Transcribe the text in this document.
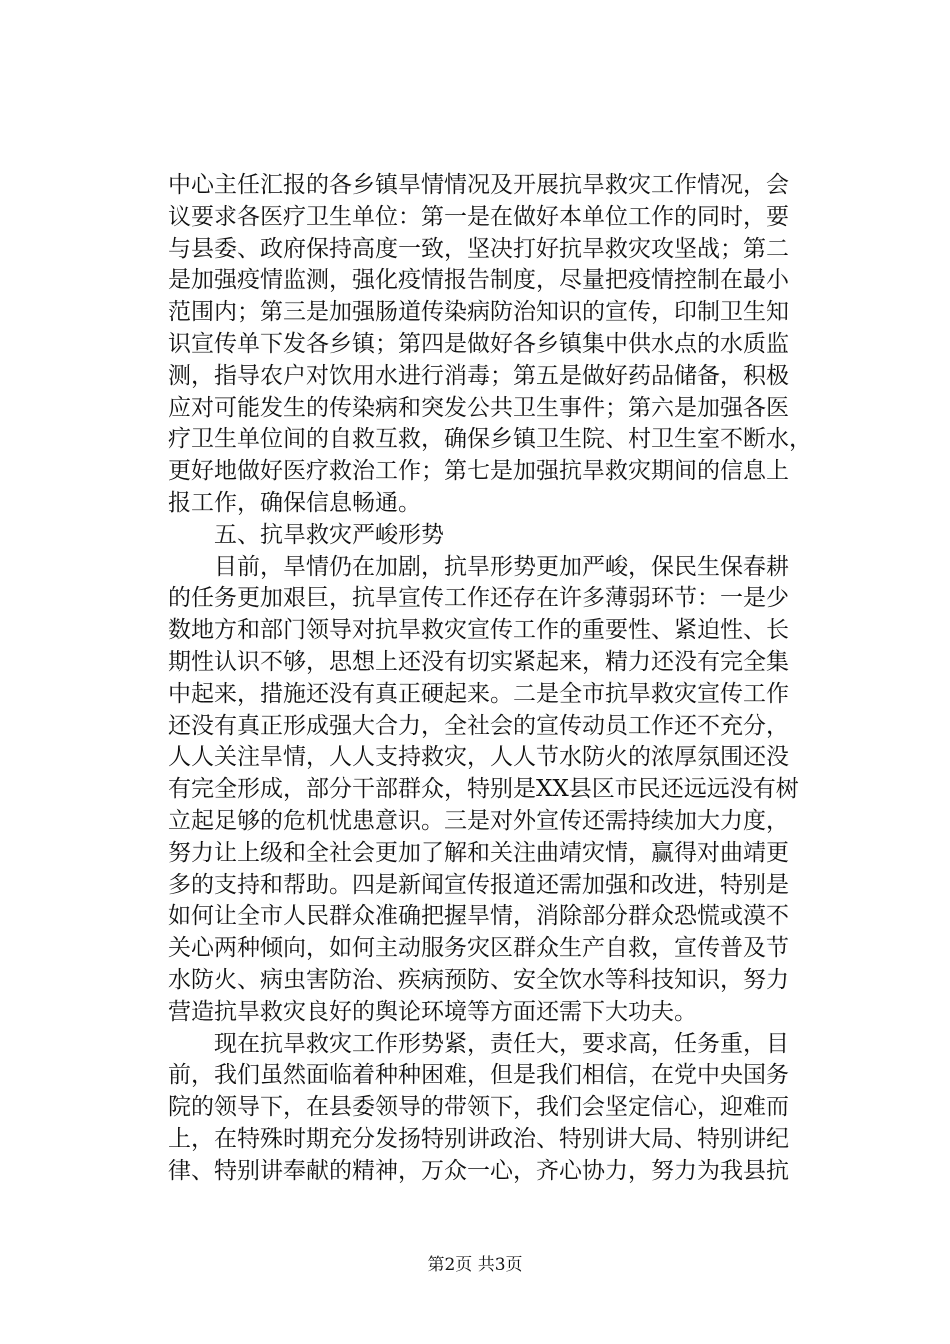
中心主任汇报的各乡镇旱情情况及开展抗旱救灾工作情况，会
议要求各医疗卫生单位：第一是在做好本单位工作的同时，要
与县委、政府保持高度一致，坚决打好抗旱救灾攻坚战；第二
是加强疫情监测，强化疫情报告制度，尽量把疫情控制在最小
范围内；第三是加强肠道传染病防治知识的宣传，印制卫生知
识宣传单下发各乡镇；第四是做好各乡镇集中供水点的水质监
测，指导农户对饮用水进行消毒；第五是做好药品储备，积极
应对可能发生的传染病和突发公共卫生事件；第六是加强各医
疗卫生单位间的自救互救，确保乡镇卫生院、村卫生室不断水，
更好地做好医疗救治工作；第七是加强抗旱救灾期间的信息上
报工作，确保信息畅通。
五、抗旱救灾严峻形势
目前，旱情仍在加剧，抗旱形势更加严峻，保民生保春耕
的任务更加艰巨，抗旱宣传工作还存在许多薄弱环节：一是少
数地方和部门领导对抗旱救灾宣传工作的重要性、紧迫性、长
期性认识不够，思想上还没有切实紧起来，精力还没有完全集
中起来，措施还没有真正硬起来。二是全市抗旱救灾宣传工作
还没有真正形成强大合力，全社会的宣传动员工作还不充分，
人人关注旱情，人人支持救灾，人人节水防火的浓厚氛围还没
有完全形成，部分干部群众，特别是XX县区市民还远远没有树
立起足够的危机忧患意识。三是对外宣传还需持续加大力度，
努力让上级和全社会更加了解和关注曲靖灾情，赢得对曲靖更
多的支持和帮助。四是新闻宣传报道还需加强和改进，特别是
如何让全市人民群众准确把握旱情，消除部分群众恐慌或漠不
关心两种倾向，如何主动服务灾区群众生产自救，宣传普及节
水防火、病虫害防治、疾病预防、安全饮水等科技知识，努力
营造抗旱救灾良好的舆论环境等方面还需下大功夫。
现在抗旱救灾工作形势紧，责任大，要求高，任务重，目
前，我们虽然面临着种种困难，但是我们相信，在党中央国务
院的领导下，在县委领导的带领下，我们会坚定信心，迎难而
上，在特殊时期充分发扬特别讲政治、特别讲大局、特别讲纪
律、特别讲奉献的精神，万众一心，齐心协力，努力为我县抗
第2页 共3页
